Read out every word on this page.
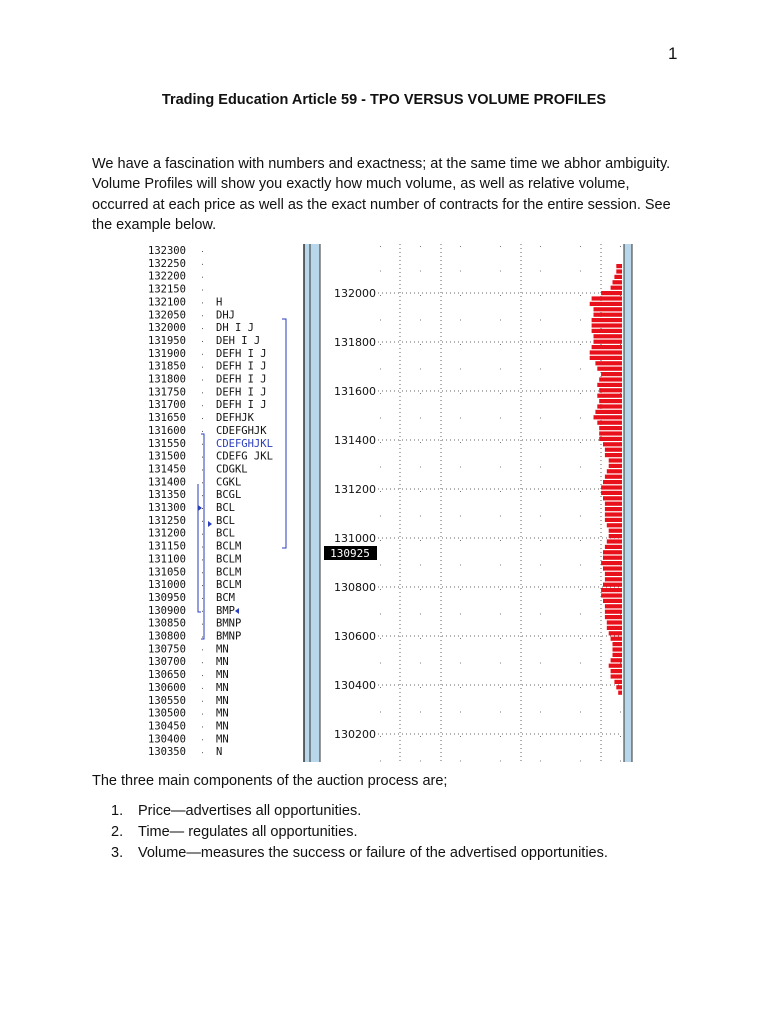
1
Trading Education Article 59 - TPO VERSUS VOLUME PROFILES

We have a fascination with numbers and exactness; at the same time we abhor ambiguity. Volume Profiles will show you exactly how much volume, as well as relative volume, occurred at each price as well as the exact number of contracts for the entire session. See the example below.

132300
132250
132200
132150
132100	H
132050	DHJ
132000	DH I J
131950	DEH I J
131900	DEFH I J
131850	DEFH I J
131800	DEFH I J
131750	DEFH I J
131700	DEFH I J
131650	DEFHJK
131600	CDEFGHJK
131550	CDEFGHJKL
131500	CDEFG JKL
131450	CDGKL
131400	CGKL
131350	BCGL
131300	BCL
131250	BCL
131200	BCL
131150	BCLM
131100	BCLM
131050	BCLM
131000	BCLM
130950	BCM
130900	BMP
130850	BMNP
130800	BMNP
130750	MN
130700	MN
130650	MN
130600	MN
130550	MN
130500	MN
130450	MN
130400	MN
130350	N
132000
131800
131600
131400
131200
131000
130800
130600
130400
130200
130925

The three main components of the auction process are;

1.	Price—advertises all opportunities.
2.	Time— regulates all opportunities.
3.	Volume—measures the success or failure of the advertised opportunities.
